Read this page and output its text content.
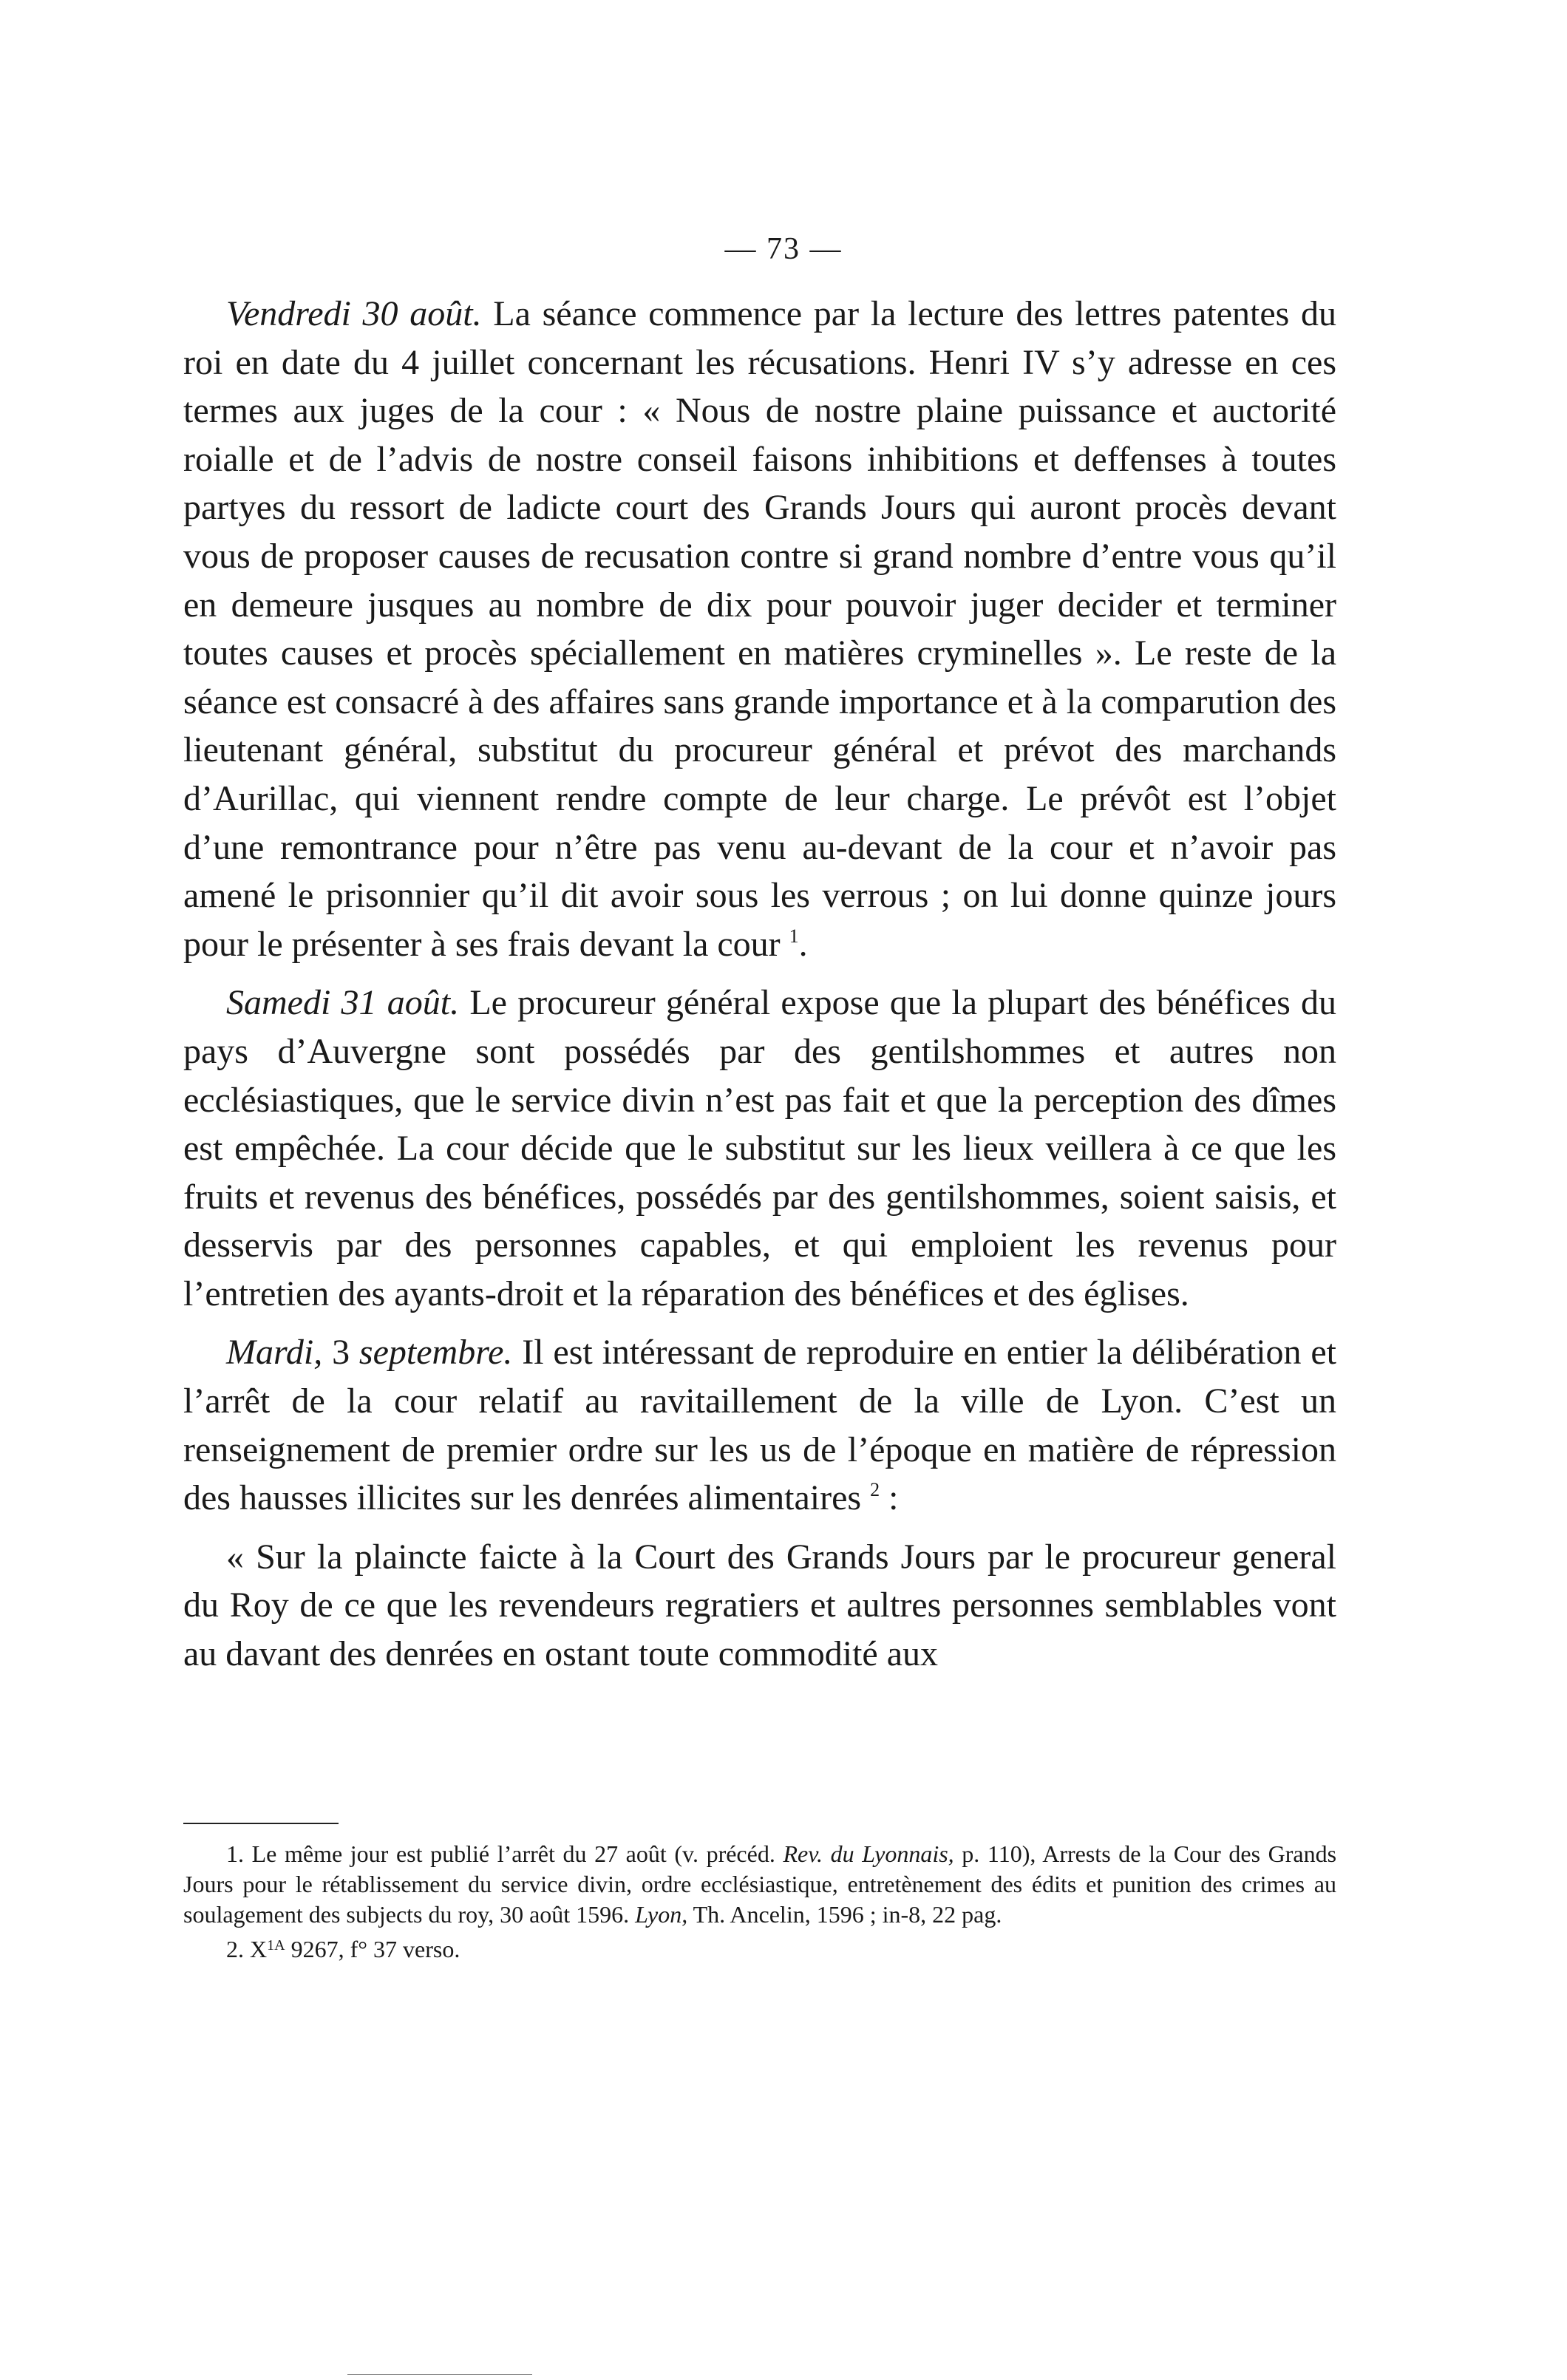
— 73 —

Vendredi 30 août. La séance commence par la lecture des lettres patentes du roi en date du 4 juillet concernant les récusations. Henri IV s’y adresse en ces termes aux juges de la cour : « Nous de nostre plaine puissance et auctorité roialle et de l’advis de nostre conseil faisons inhibitions et deffenses à toutes partyes du ressort de ladicte court des Grands Jours qui auront procès devant vous de proposer causes de recusation contre si grand nombre d’entre vous qu’il en demeure jusques au nombre de dix pour pouvoir juger decider et terminer toutes causes et procès spéciallement en matières cryminelles ». Le reste de la séance est consacré à des affaires sans grande importance et à la comparution des lieutenant général, substitut du procureur général et prévot des marchands d’Aurillac, qui viennent rendre compte de leur charge. Le prévôt est l’objet d’une remontrance pour n’être pas venu au-devant de la cour et n’avoir pas amené le prisonnier qu’il dit avoir sous les verrous ; on lui donne quinze jours pour le présenter à ses frais devant la cour $^1$.

Samedi 31 août. Le procureur général expose que la plupart des bénéfices du pays d’Auvergne sont possédés par des gentilshommes et autres non ecclésiastiques, que le service divin n’est pas fait et que la perception des dîmes est empêchée. La cour décide que le substitut sur les lieux veillera à ce que les fruits et revenus des bénéfices, possédés par des gentilshommes, soient saisis, et desservis par des personnes capables, et qui emploient les revenus pour l’entretien des ayants-droit et la réparation des bénéfices et des églises.

Mardi, 3 septembre. Il est intéressant de reproduire en entier la délibération et l’arrêt de la cour relatif au ravitaillement de la ville de Lyon. C’est un renseignement de premier ordre sur les us de l’époque en matière de répression des hausses illicites sur les denrées alimentaires $^2$ :

« Sur la plaincte faicte à la Court des Grands Jours par le procureur general du Roy de ce que les revendeurs regratiers et aultres personnes semblables vont au davant des denrées en ostant toute commodité aux

1. Le même jour est publié l’arrêt du 27 août (v. précéd. Rev. du Lyonnais, p. 110), Arrests de la Cour des Grands Jours pour le rétablissement du service divin, ordre ecclésiastique, entretènement des édits et punition des crimes au soulagement des subjects du roy, 30 août 1596. Lyon, Th. Ancelin, 1596 ; in-8, 22 pag.

2. $X^{1A}$ 9267, f° 37 verso.
